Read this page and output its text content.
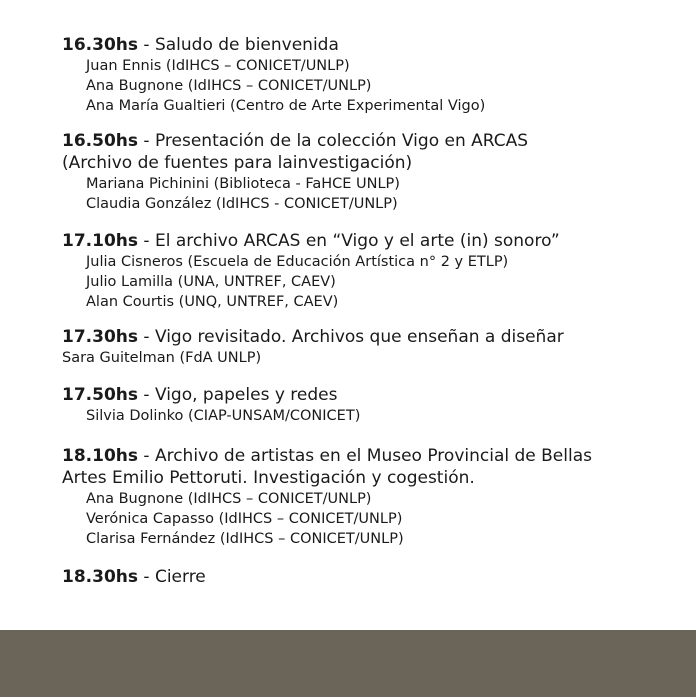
16.30hs - Saludo de bienvenida
Juan Ennis (IdIHCS – CONICET/UNLP)
Ana Bugnone (IdIHCS – CONICET/UNLP)
Ana María Gualtieri (Centro de Arte Experimental Vigo)
16.50hs - Presentación de la colección Vigo en ARCAS
(Archivo de fuentes para lainvestigación)
Mariana Pichinini (Biblioteca - FaHCE UNLP)
Claudia González (IdIHCS - CONICET/UNLP)
17.10hs - El archivo ARCAS en “Vigo y el arte (in) sonoro”
Julia Cisneros (Escuela de Educación Artística n° 2 y ETLP)
Julio Lamilla (UNA, UNTREF, CAEV)
Alan Courtis (UNQ, UNTREF, CAEV)
17.30hs - Vigo revisitado. Archivos que enseñan a diseñar
Sara Guitelman (FdA UNLP)
17.50hs - Vigo, papeles y redes
Silvia Dolinko (CIAP-UNSAM/CONICET)
18.10hs - Archivo de artistas en el Museo Provincial de Bellas
Artes Emilio Pettoruti. Investigación y cogestión.
Ana Bugnone (IdIHCS – CONICET/UNLP)
Verónica Capasso (IdIHCS – CONICET/UNLP)
Clarisa Fernández (IdIHCS – CONICET/UNLP)
18.30hs - Cierre
